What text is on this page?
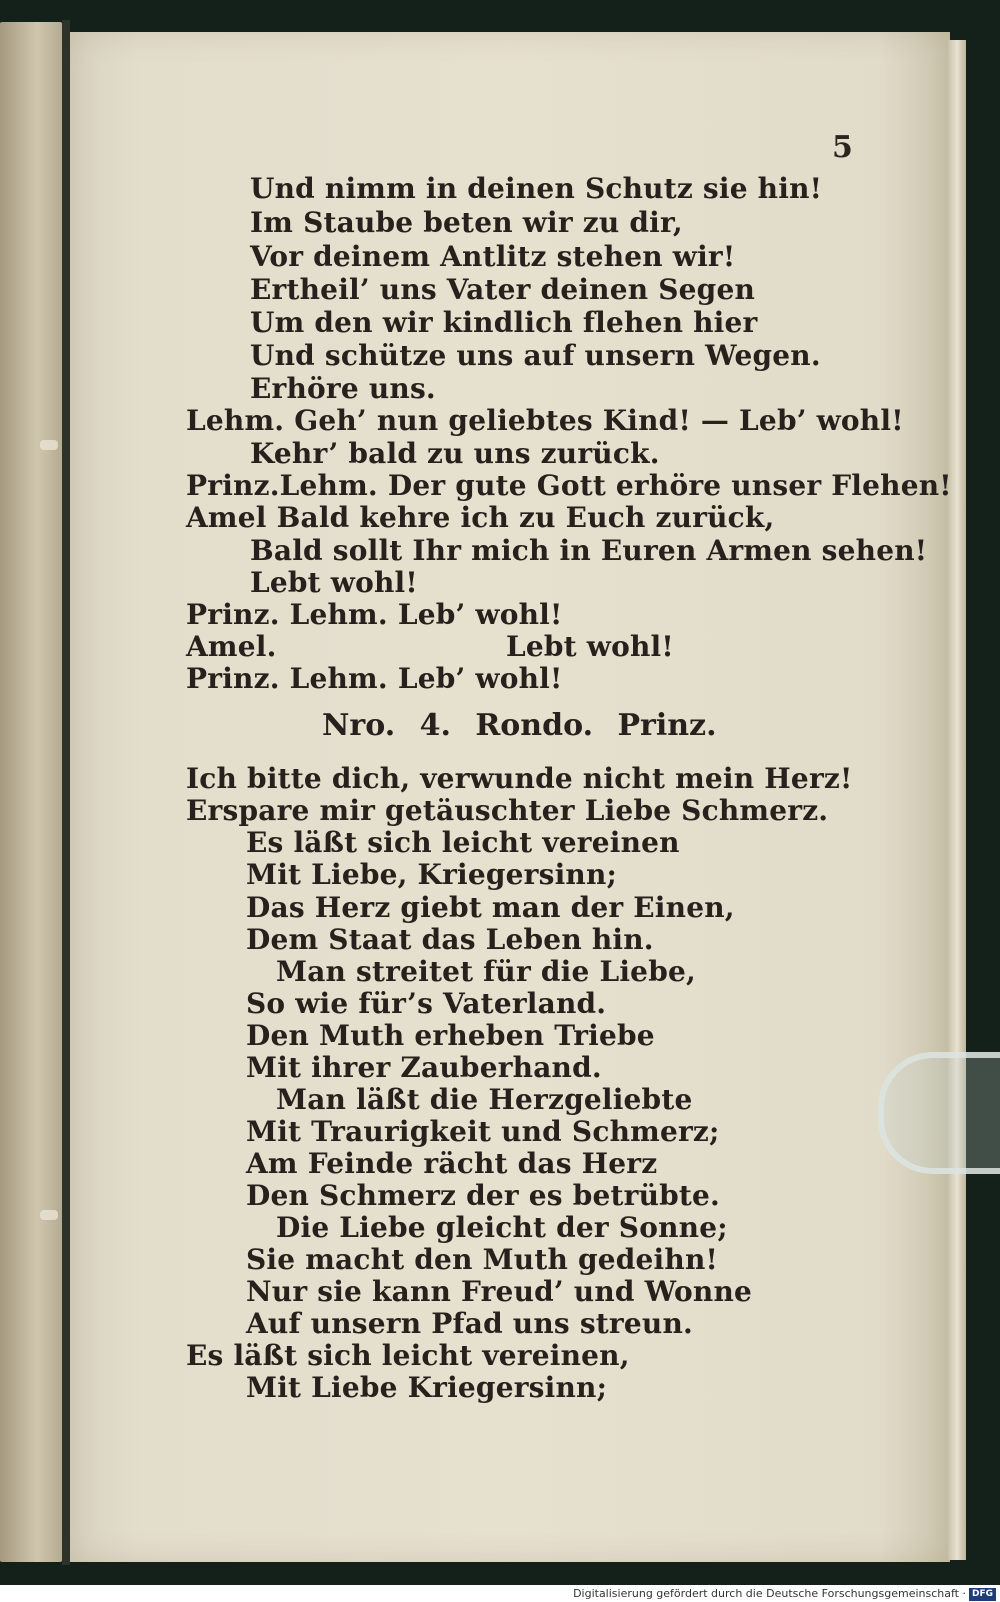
5
Und nimm in deinen Schutz sie hin!
Im Staube beten wir zu dir,
Vor deinem Antlitz stehen wir!
Ertheil’ uns Vater deinen Segen
Um den wir kindlich flehen hier
Und schütze uns auf unsern Wegen.
Erhöre uns.
Lehm. Geh’ nun geliebtes Kind! — Leb’ wohl!
Kehr’ bald zu uns zurück.
Prinz.Lehm. Der gute Gott erhöre unser Flehen!
Amel Bald kehre ich zu Euch zurück,
Bald sollt Ihr mich in Euren Armen sehen!
Lebt wohl!
Prinz. Lehm. Leb’ wohl!
Amel.	Lebt wohl!
Prinz. Lehm. Leb’ wohl!
Nro. 4. Rondo. Prinz.
Ich bitte dich, verwunde nicht mein Herz!
Erspare mir getäuschter Liebe Schmerz.
Es läßt sich leicht vereinen
Mit Liebe, Kriegersinn;
Das Herz giebt man der Einen,
Dem Staat das Leben hin.
Man streitet für die Liebe,
So wie für’s Vaterland.
Den Muth erheben Triebe
Mit ihrer Zauberhand.
Man läßt die Herzgeliebte
Mit Traurigkeit und Schmerz;
Am Feinde rächt das Herz
Den Schmerz der es betrübte.
Die Liebe gleicht der Sonne;
Sie macht den Muth gedeihn!
Nur sie kann Freud’ und Wonne
Auf unsern Pfad uns streun.
Es läßt sich leicht vereinen,
Mit Liebe Kriegersinn;
Digitalisierung gefördert durch die Deutsche Forschungsgemeinschaft · DFG
